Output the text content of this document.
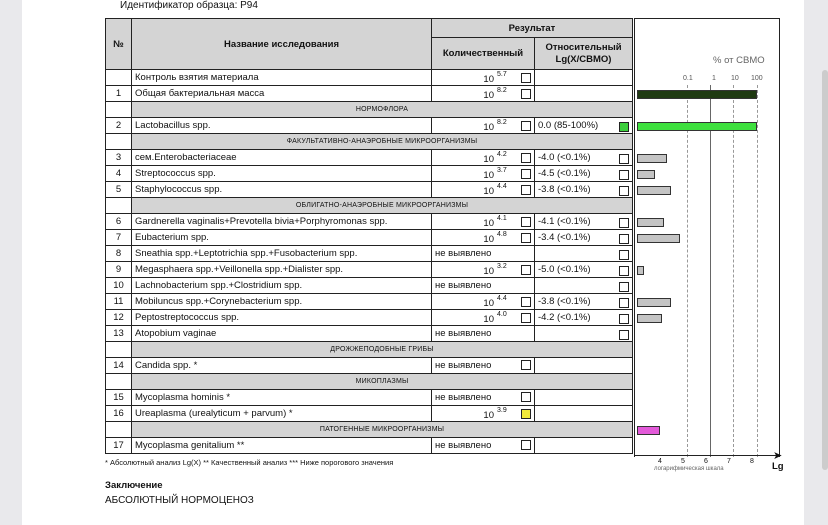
Идентификатор образца: P94
№	Название исследования	Результат	
		Количественный	Относительный Lg(X/CBMO)
	Контроль взятия материала	10 5.7	
1	Общая бактериальная масса	10 8.2	
	НОРМОФЛОРА		
2	Lactobacillus spp.	10 8.2	0.0 (85-100%)
	ФАКУЛЬТАТИВНО-АНАЭРОБНЫЕ МИКРООРГАНИЗМЫ		
3	сем.Enterobacteriaceae	10 4.2	-4.0 (<0.1%)
4	Streptococcus spp.	10 3.7	-4.5 (<0.1%)
5	Staphylococcus spp.	10 4.4	-3.8 (<0.1%)
	ОБЛИГАТНО-АНАЭРОБНЫЕ МИКРООРГАНИЗМЫ		
6	Gardnerella vaginalis+Prevotella bivia+Porphyromonas spp.	10 4.1	-4.1 (<0.1%)
7	Eubacterium spp.	10 4.8	-3.4 (<0.1%)
8	Sneathia spp.+Leptotrichia spp.+Fusobacterium spp.	не выявлено	

9	Megasphaera spp.+Veillonella spp.+Dialister spp.	10 3.2	-5.0 (<0.1%)
10	Lachnobacterium spp.+Clostridium spp.	не выявлено	

11	Mobiluncus spp.+Corynebacterium spp.	10 4.4	-3.8 (<0.1%)
12	Peptostreptococcus spp.	10 4.0	-4.2 (<0.1%)
13	Atopobium vaginae	не выявлено	

	ДРОЖЖЕПОДОБНЫЕ ГРИБЫ		
14	Candida spp. *	не выявлено	

	МИКОПЛАЗМЫ		
15	Mycoplasma hominis *	не выявлено	

16	Ureaplasma (urealyticum + parvum) *	10 3.9	
	ПАТОГЕННЫЕ МИКРООРГАНИЗМЫ		
17	Mycoplasma genitalium **	не выявлено	

% от CBMO
0.1	1 10 100
➤
4	5	6	7	8
логарифмическая шкала	Lg
* Абсолютный анализ Lg(X) ** Качественный анализ *** Ниже порогового значения
Заключение
АБСОЛЮТНЫЙ НОРМОЦЕНОЗ
